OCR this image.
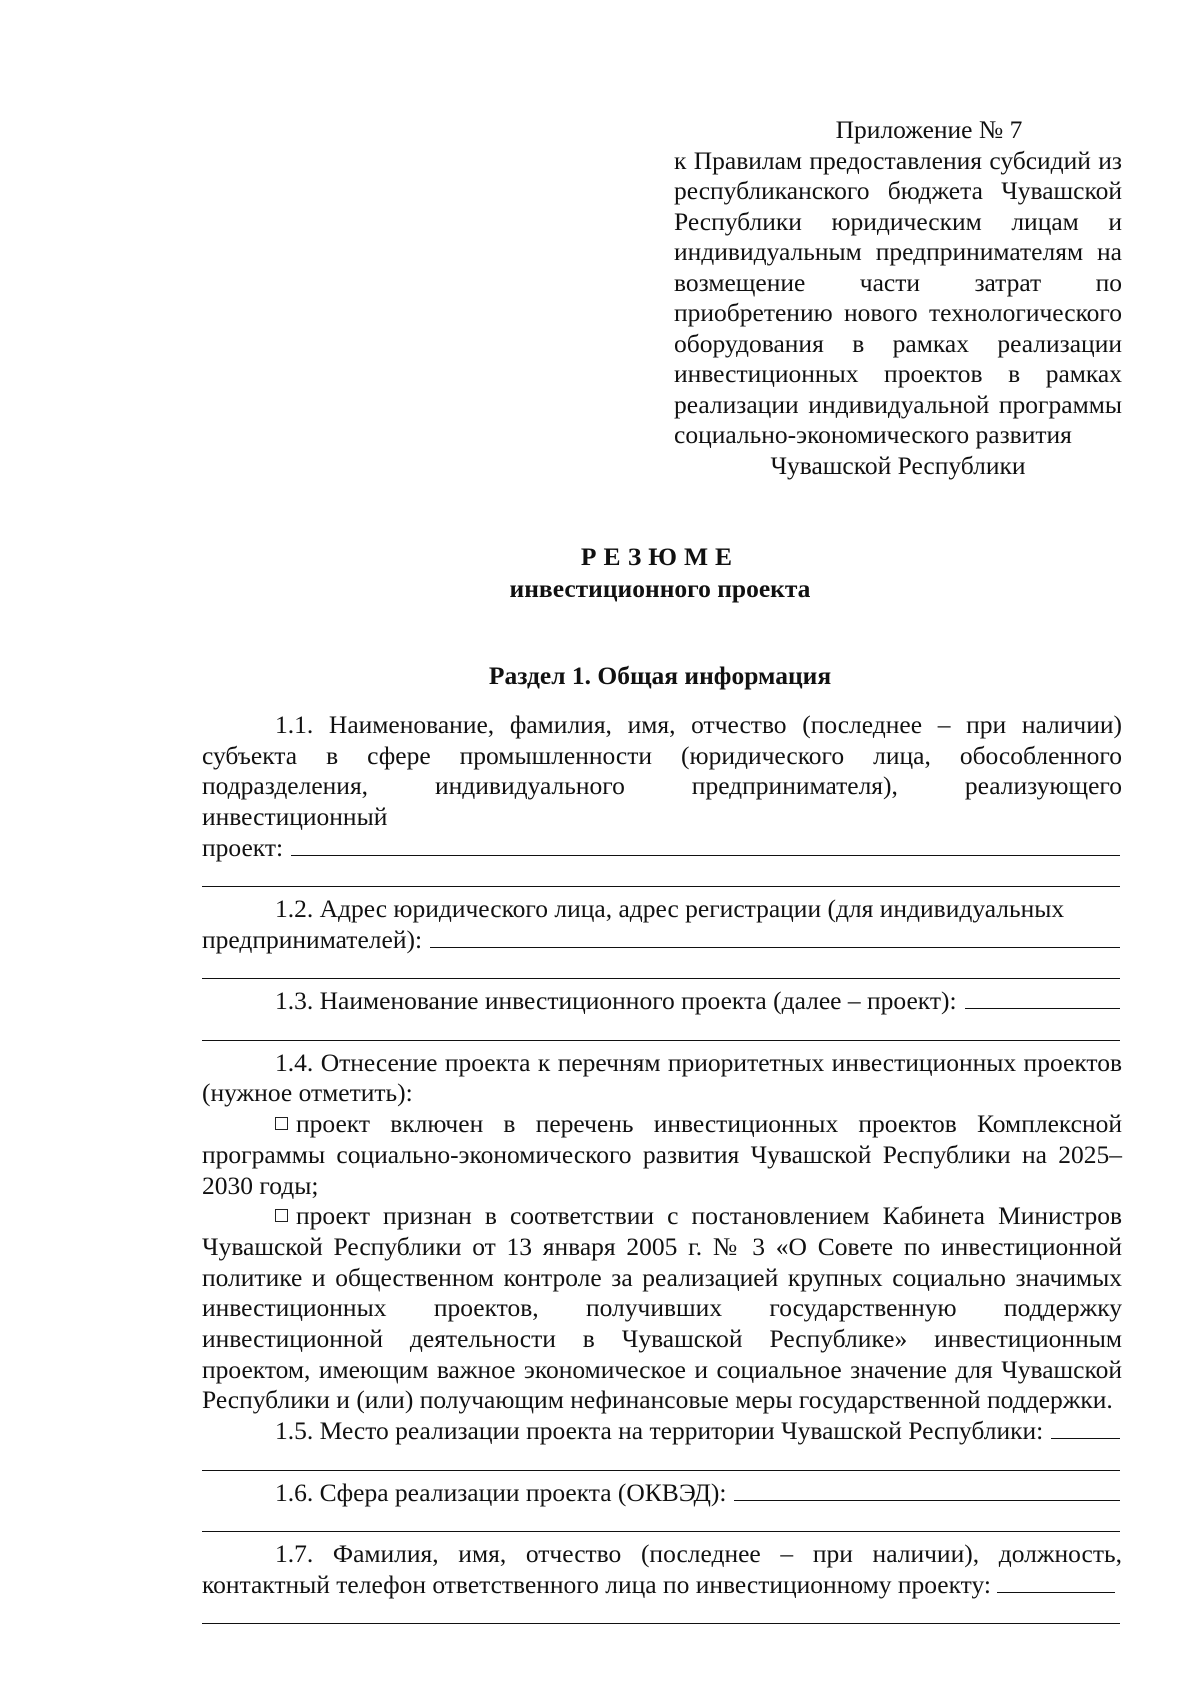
Приложение № 7
к Правилам предоставления субсидий из республиканского бюджета Чувашской Республики юридическим лицам и индивидуальным предпринимателям на возмещение части затрат по приобретению нового технологического оборудования в рамках реализации инвестиционных проектов в рамках реализации индивидуальной программы социально-экономического развития
Чувашской Республики
РЕЗЮМЕ
инвестиционного проекта
Раздел 1. Общая информация

1.1. Наименование, фамилия, имя, отчество (последнее – при наличии) субъекта в сфере промышленности (юридического лица, обособленного подразделения, индивидуального предпринимателя), реализующего инвестиционный

проект:

1.2. Адрес юридического лица, адрес регистрации (для индивидуальных

предпринимателей):
1.3. Наименование инвестиционного проекта (далее – проект):

1.4. Отнесение проекта к перечням приоритетных инвестиционных проектов (нужное отметить):

проект включен в перечень инвестиционных проектов Комплексной программы социально-экономического развития Чувашской Республики на 2025–2030 годы;

проект признан в соответствии с постановлением Кабинета Министров Чувашской Республики от 13 января 2005 г. № 3 «О Совете по инвестиционной политике и общественном контроле за реализацией крупных социально значимых инвестиционных проектов, получивших государственную поддержку инвестиционной деятельности в Чувашской Республике» инвестиционным проектом, имеющим важное экономическое и социальное значение для Чувашской Республики и (или) получающим нефинансовые меры государственной поддержки.

1.5. Место реализации проекта на территории Чувашской Республики:
1.6. Сфера реализации проекта (ОКВЭД):

1.7. Фамилия, имя, отчество (последнее – при наличии), должность, контактный телефон ответственного лица по инвестиционному проекту:
